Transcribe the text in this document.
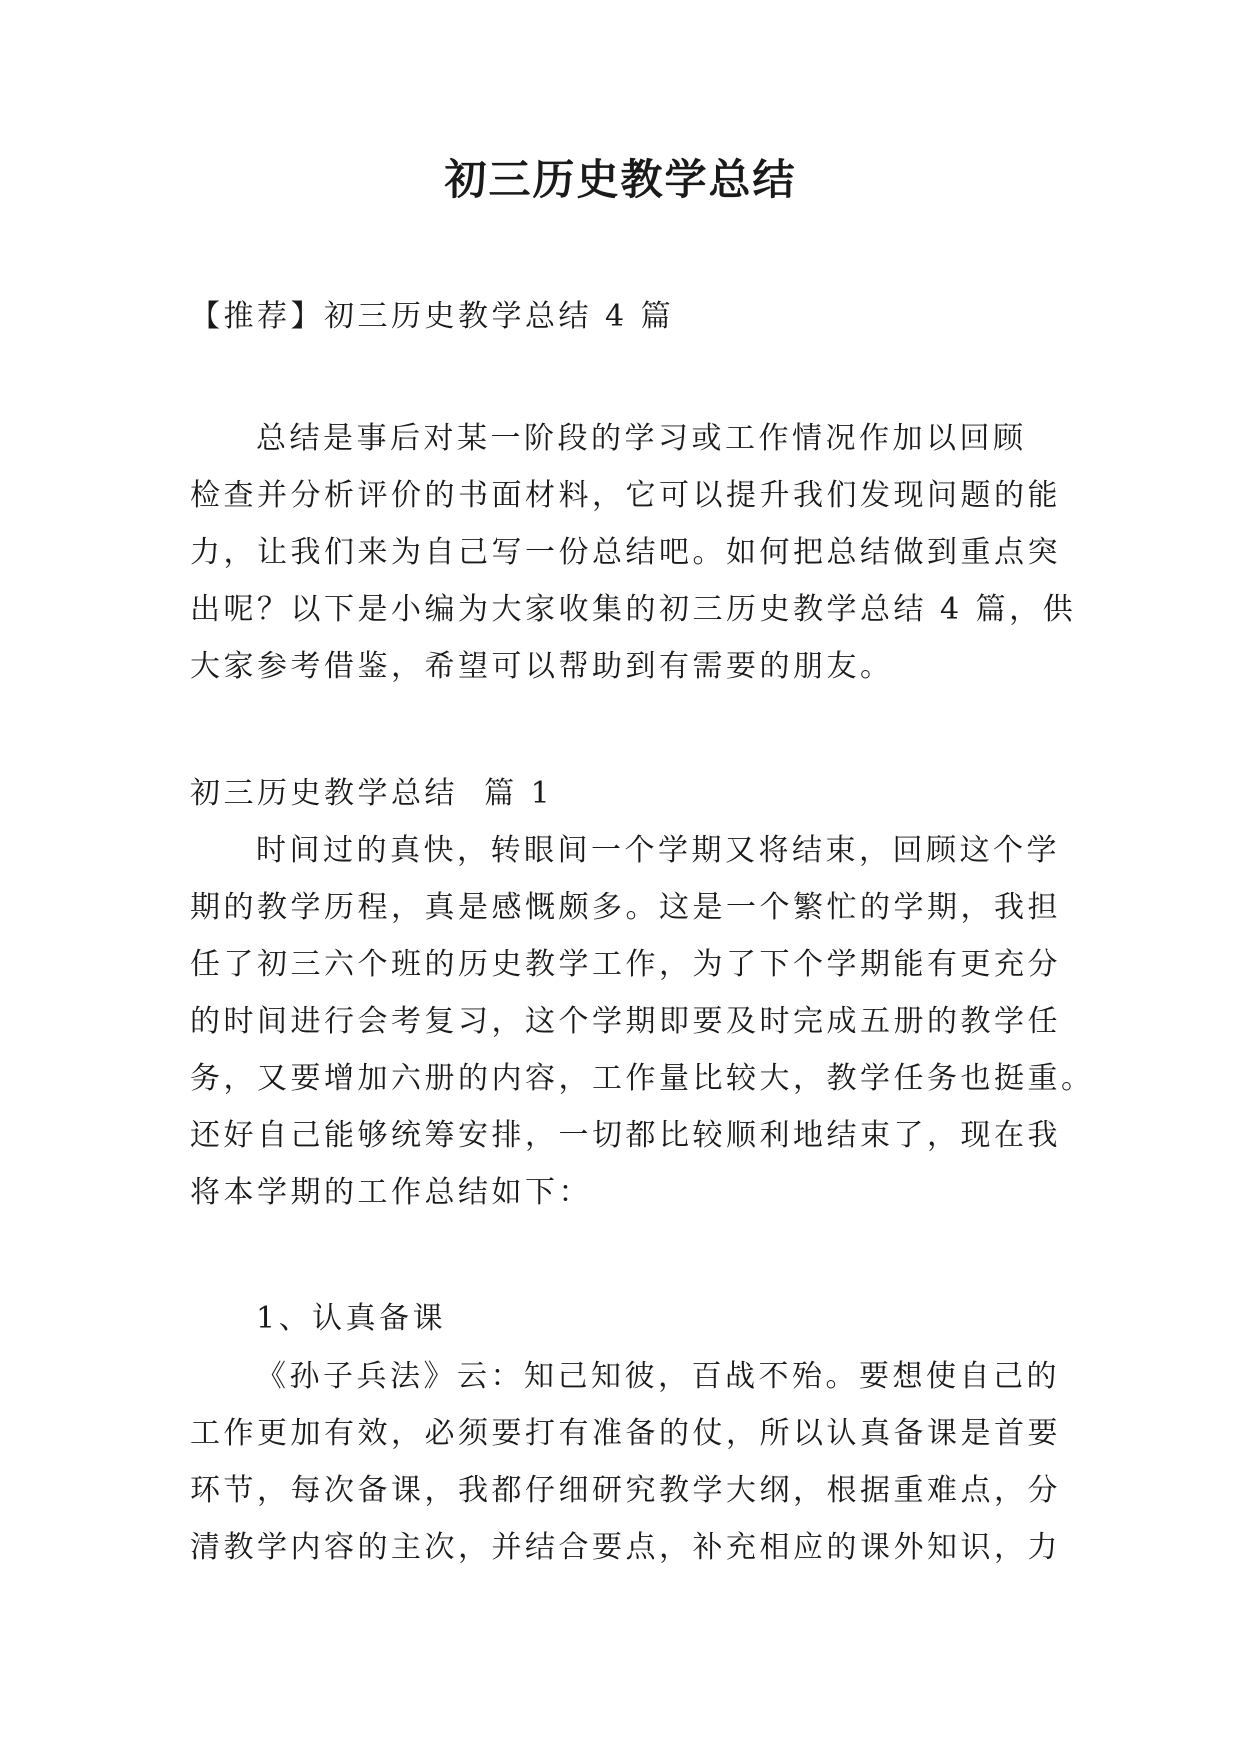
初三历史教学总结

【推荐】初三历史教学总结 4 篇

总结是事后对某一阶段的学习或工作情况作加以回顾
检查并分析评价的书面材料，它可以提升我们发现问题的能
力，让我们来为自己写一份总结吧。如何把总结做到重点突
出呢？以下是小编为大家收集的初三历史教学总结 4 篇，供
大家参考借鉴，希望可以帮助到有需要的朋友。
初三历史教学总结  篇 1
时间过的真快，转眼间一个学期又将结束，回顾这个学
期的教学历程，真是感慨颇多。这是一个繁忙的学期，我担
任了初三六个班的历史教学工作，为了下个学期能有更充分
的时间进行会考复习，这个学期即要及时完成五册的教学任
务，又要增加六册的内容，工作量比较大，教学任务也挺重。
还好自己能够统筹安排，一切都比较顺利地结束了，现在我
将本学期的工作总结如下：
1、认真备课
《孙子兵法》云：知己知彼，百战不殆。要想使自己的
工作更加有效，必须要打有准备的仗，所以认真备课是首要
环节，每次备课，我都仔细研究教学大纲，根据重难点，分
清教学内容的主次，并结合要点，补充相应的课外知识，力
